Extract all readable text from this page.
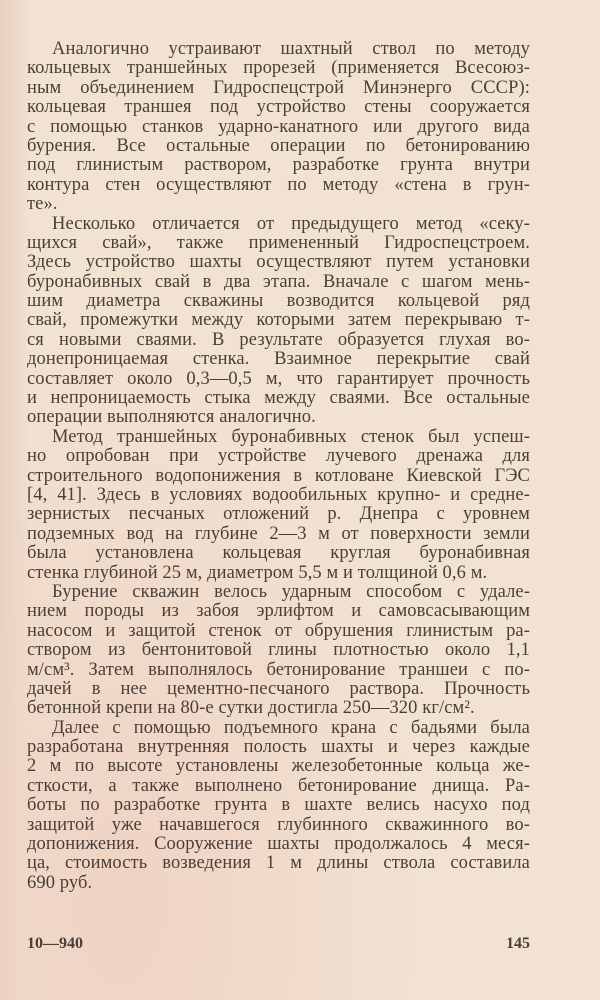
Аналогично устраивают шахтный ствол по методу
кольцевых траншейных прорезей (применяется Всесоюз-
ным объединением Гидроспецстрой Минэнерго СССР):
кольцевая траншея под устройство стены сооружается
с помощью станков ударно-канатного или другого вида
бурения. Все остальные операции по бетонированию
под глинистым раствором, разработке грунта внутри
контура стен осуществляют по методу «стена в грун-
те».
Несколько отличается от предыдущего метод «секу-
щихся свай», также примененный Гидроспецстроем.
Здесь устройство шахты осуществляют путем установки
буронабивных свай в два этапа. Вначале с шагом мень-
шим диаметра скважины возводится кольцевой ряд
свай, промежутки между которыми затем перекрываю т-
ся новыми сваями. В результате образуется глухая во-
донепроницаемая стенка. Взаимное перекрытие свай
составляет около 0,3—0,5 м, что гарантирует прочность
и непроницаемость стыка между сваями. Все остальные
операции выполняются аналогично.
Метод траншейных буронабивных стенок был успеш-
но опробован при устройстве лучевого дренажа для
строительного водопонижения в котловане Киевской ГЭС
[4, 41]. Здесь в условиях водообильных крупно- и средне-
зернистых песчаных отложений р. Днепра с уровнем
подземных вод на глубине 2—3 м от поверхности земли
была установлена кольцевая круглая буронабивная
стенка глубиной 25 м, диаметром 5,5 м и толщиной 0,6 м.
Бурение скважин велось ударным способом с удале-
нием породы из забоя эрлифтом и самовсасывающим
насосом и защитой стенок от обрушения глинистым ра-
створом из бентонитовой глины плотностью около 1,1
м/см³. Затем выполнялось бетонирование траншеи с по-
дачей в нее цементно-песчаного раствора. Прочность
бетонной крепи на 80-е сутки достигла 250—320 кг/см².
Далее с помощью подъемного крана с бадьями была
разработана внутренняя полость шахты и через каждые
2 м по высоте установлены железобетонные кольца же-
сткости, а также выполнено бетонирование днища. Ра-
боты по разработке грунта в шахте велись насухо под
защитой уже начавшегося глубинного скважинного во-
допонижения. Сооружение шахты продолжалось 4 меся-
ца, стоимость возведения 1 м длины ствола составила
690 руб.
10—940	145
